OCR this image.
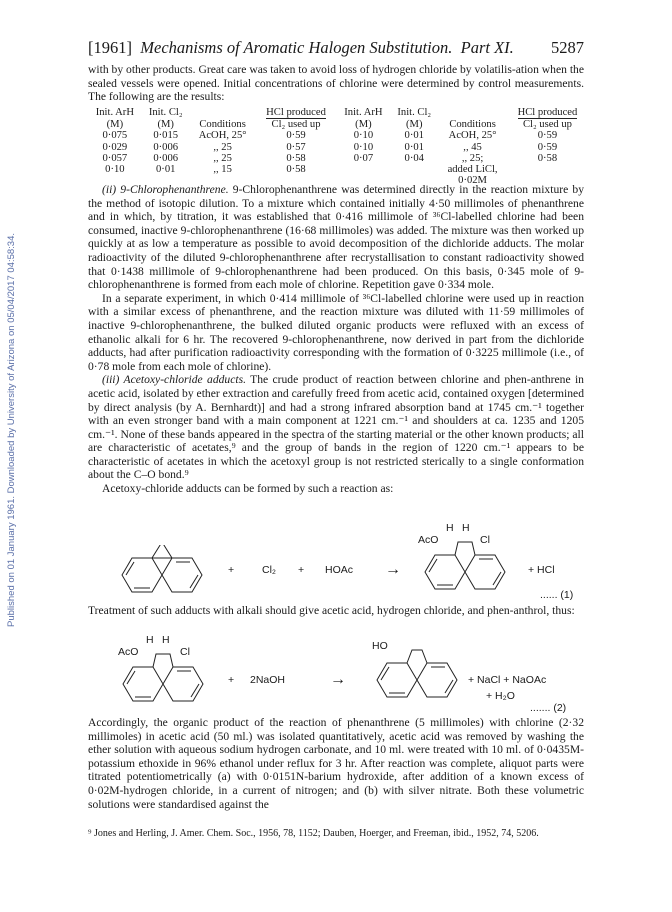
Published on 01 January 1961. Downloaded by University of Arizona on 05/04/2017 04:58:34.
[1961] Mechanisms of Aromatic Halogen Substitution. Part XI. 5287

with by other products. Great care was taken to avoid loss of hydrogen chloride by volatilis-ation when the sealed vessels were opened. Initial concentrations of chlorine were determined by control measurements. The following are the results:

Init. ArH	Init. Cl₂		HCl produced	Init. ArH	Init. Cl₂		HCl produced
(M)	(M)	Conditions	Cl₂ used up	(M)	(M)	Conditions	Cl₂ used up
0·075	0·015	AcOH, 25°	0·59	0·10	0·01	AcOH, 25°	0·59
0·029	0·006	,, 25	0·57	0·10	0·01	,, 45	0·59
0·057	0·006	,, 25	0·58	0·07	0·04	,, 25;	0·58
0·10	0·01	,, 15	0·58			added LiCl,	
						0·02M	

(ii) 9-Chlorophenanthrene. 9-Chlorophenanthrene was determined directly in the reaction mixture by the method of isotopic dilution. To a mixture which contained initially 4·50 millimoles of phenanthrene and in which, by titration, it was established that 0·416 millimole of ³⁶Cl-labelled chlorine had been consumed, inactive 9-chlorophenanthrene (16·68 millimoles) was added. The mixture was then worked up quickly at as low a temperature as possible to avoid decomposition of the dichloride adducts. The molar radioactivity of the diluted 9-chlorophenanthrene after recrystallisation to constant radioactivity showed that 0·1438 millimole of 9-chlorophenanthrene had been produced. On this basis, 0·345 mole of 9-chlorophenanthrene is formed from each mole of chlorine. Repetition gave 0·334 mole.

In a separate experiment, in which 0·414 millimole of ³⁶Cl-labelled chlorine were used up in reaction with a similar excess of phenanthrene, and the reaction mixture was diluted with 11·59 millimoles of inactive 9-chlorophenanthrene, the bulked diluted organic products were refluxed with an excess of ethanolic alkali for 6 hr. The recovered 9-chlorophenanthrene, now derived in part from the dichloride adducts, had after purification radioactivity corresponding with the formation of 0·3225 millimole (i.e., of 0·78 mole from each mole of chlorine).

(iii) Acetoxy-chloride adducts. The crude product of reaction between chlorine and phen-anthrene in acetic acid, isolated by ether extraction and carefully freed from acetic acid, contained oxygen [determined by direct analysis (by A. Bernhardt)] and had a strong infrared absorption band at 1745 cm.⁻¹ together with an even stronger band with a main component at 1221 cm.⁻¹ and shoulders at ca. 1235 and 1205 cm.⁻¹. None of these bands appeared in the spectra of the starting material or the other known products; all are characteristic of acetates,⁹ and the group of bands in the region of 1220 cm.⁻¹ appears to be characteristic of acetates in which the acetoxyl group is not restricted sterically to a single conformation about the C–O bond.⁹

Acetoxy-chloride adducts can be formed by such a reaction as:

+	Cl₂ + HOAc →
AcO
H H
Cl
+ HCl
...... (1)

Treatment of such adducts with alkali should give acetic acid, hydrogen chloride, and phen-anthrol, thus:

AcO
H H
Cl
+ 2NaOH	→
HO
+ NaCl + NaOAc
+ H₂O
....... (2)

Accordingly, the organic product of the reaction of phenanthrene (5 millimoles) with chlorine (2·32 millimoles) in acetic acid (50 ml.) was isolated quantitatively, acetic acid was removed by washing the ether solution with aqueous sodium hydrogen carbonate, and 10 ml. were treated with 10 ml. of 0·0435M-potassium ethoxide in 96% ethanol under reflux for 3 hr. After reaction was complete, aliquot parts were titrated potentiometrically (a) with 0·0151N-barium hydroxide, after addition of a known excess of 0·02M-hydrogen chloride, in a current of nitrogen; and (b) with silver nitrate. Both these volumetric solutions were standardised against the

⁹ Jones and Herling, J. Amer. Chem. Soc., 1956, 78, 1152; Dauben, Hoerger, and Freeman, ibid., 1952, 74, 5206.
